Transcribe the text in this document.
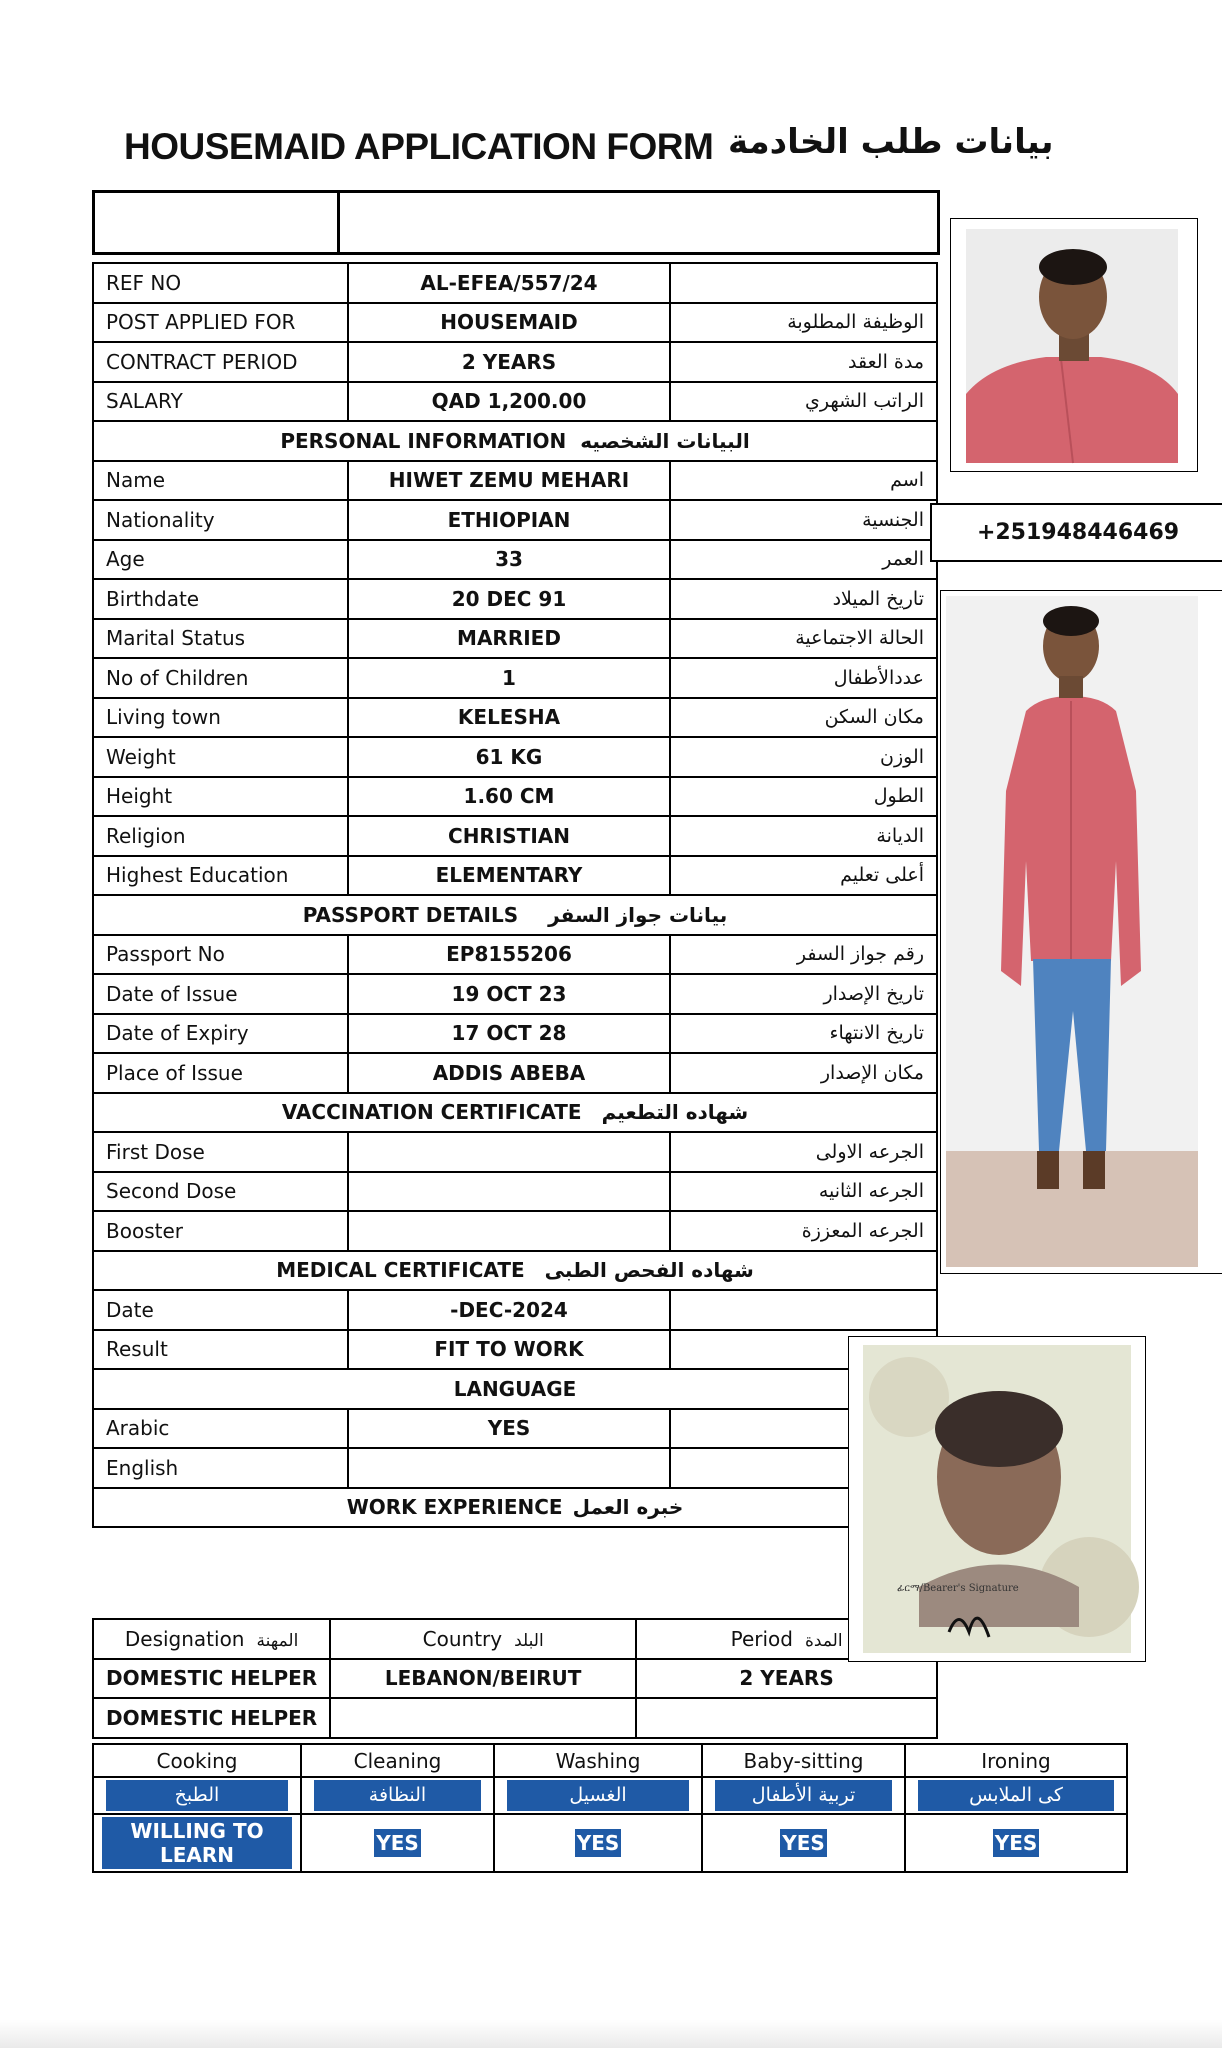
HOUSEMAID APPLICATION FORM بيانات طلب الخادمة

REF NO	AL-EFEA/557/24	
POST APPLIED FOR	HOUSEMAID	الوظيفة المطلوبة
CONTRACT PERIOD	2 YEARS	مدة العقد
SALARY	QAD 1,200.00	الراتب الشهري
PERSONAL INFORMATION البيانات الشخصيه		
Name	HIWET ZEMU MEHARI	اسم
Nationality	ETHIOPIAN	الجنسية
Age	33	العمر
Birthdate	20 DEC 91	تاريخ الميلاد
Marital Status	MARRIED	الحالة الاجتماعية
No of Children	1	عددالأطفال
Living town	KELESHA	مكان السكن
Weight	61 KG	الوزن
Height	1.60 CM	الطول
Religion	CHRISTIAN	الديانة
Highest Education	ELEMENTARY	أعلى تعليم
PASSPORT DETAILS بيانات جواز السفر		
Passport No	EP8155206	رقم جواز السفر
Date of Issue	19 OCT 23	تاريخ الإصدار
Date of Expiry	17 OCT 28	تاريخ الانتهاء
Place of Issue	ADDIS ABEBA	مكان الإصدار
VACCINATION CERTIFICATE شهاده التطعيم		
First Dose		الجرعه الاولى
Second Dose		الجرعه الثانيه
Booster		الجرعه المعززة
MEDICAL CERTIFICATE شهاده الفحص الطبى		
Date	-DEC-2024	
Result	FIT TO WORK	
LANGUAGE		
Arabic	YES	
English		
WORK EXPERIENCE خبره العمل		
Designation المهنة	Country البلد	Period المدة
DOMESTIC HELPER	LEBANON/BEIRUT	2 YEARS
DOMESTIC HELPER		
Cooking	Cleaning	Washing	Baby-sitting	Ironing

الطبخ	النظافة	الغسيل	تربية الأطفال	كى الملابس

WILLING TO LEARN	YES	YES	YES	YES
+251948446469
ፊርማ/Bearer's Signature
